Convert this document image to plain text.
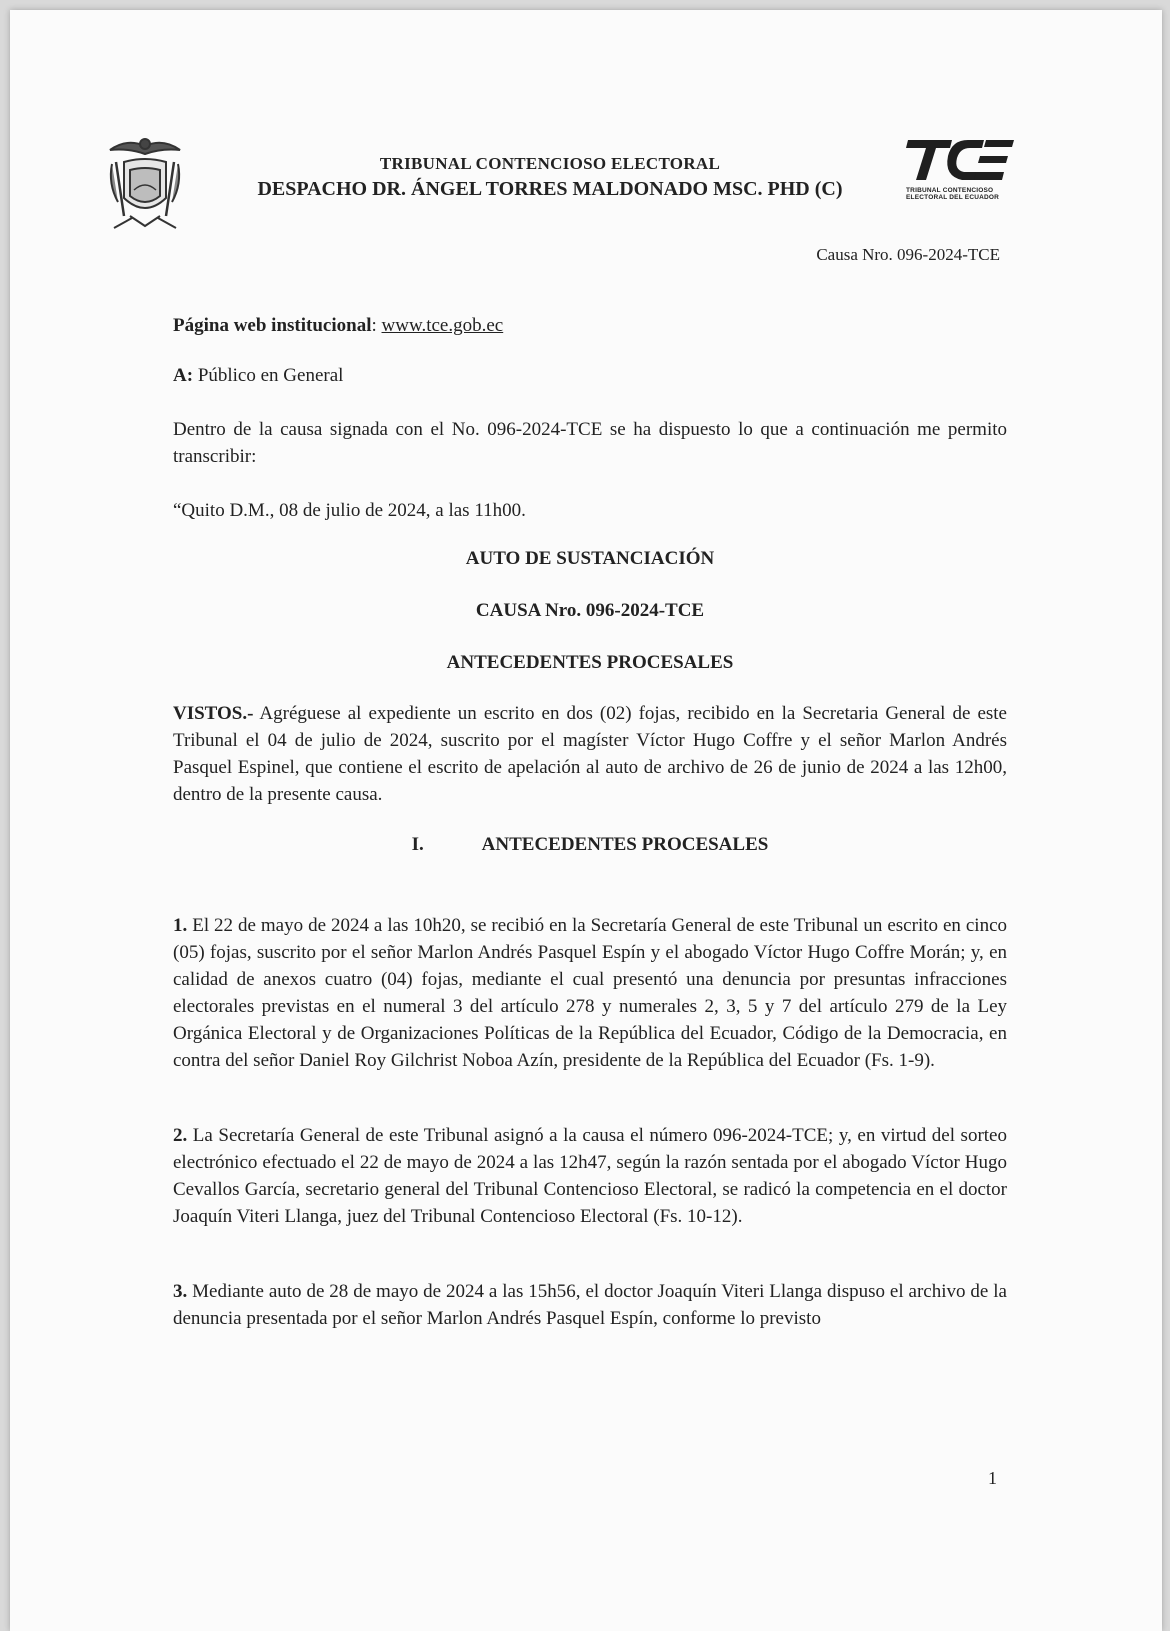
TRIBUNAL CONTENCIOSO ELECTORAL
DESPACHO DR. ÁNGEL TORRES MALDONADO MSC. PHD (C)
TCE
TRIBUNAL CONTENCIOSO
ELECTORAL DEL ECUADOR
Causa Nro. 096-2024-TCE

Página web institucional: www.tce.gob.ec

A: Público en General

Dentro de la causa signada con el No. 096-2024-TCE se ha dispuesto lo que a continuación me permito transcribir:

“Quito D.M., 08 de julio de 2024, a las 11h00.

AUTO DE SUSTANCIACIÓN
CAUSA Nro. 096-2024-TCE
ANTECEDENTES PROCESALES

VISTOS.- Agréguese al expediente un escrito en dos (02) fojas, recibido en la Secretaria General de este Tribunal el 04 de julio de 2024, suscrito por el magíster Víctor Hugo Coffre y el señor Marlon Andrés Pasquel Espinel, que contiene el escrito de apelación al auto de archivo de 26 de junio de 2024 a las 12h00, dentro de la presente causa.

I.	ANTECEDENTES PROCESALES

1. El 22 de mayo de 2024 a las 10h20, se recibió en la Secretaría General de este Tribunal un escrito en cinco (05) fojas, suscrito por el señor Marlon Andrés Pasquel Espín y el abogado Víctor Hugo Coffre Morán; y, en calidad de anexos cuatro (04) fojas, mediante el cual presentó una denuncia por presuntas infracciones electorales previstas en el numeral 3 del artículo 278 y numerales 2, 3, 5 y 7 del artículo 279 de la Ley Orgánica Electoral y de Organizaciones Políticas de la República del Ecuador, Código de la Democracia, en contra del señor Daniel Roy Gilchrist Noboa Azín, presidente de la República del Ecuador (Fs. 1-9).

2. La Secretaría General de este Tribunal asignó a la causa el número 096-2024-TCE; y, en virtud del sorteo electrónico efectuado el 22 de mayo de 2024 a las 12h47, según la razón sentada por el abogado Víctor Hugo Cevallos García, secretario general del Tribunal Contencioso Electoral, se radicó la competencia en el doctor Joaquín Viteri Llanga, juez del Tribunal Contencioso Electoral (Fs. 10-12).

3. Mediante auto de 28 de mayo de 2024 a las 15h56, el doctor Joaquín Viteri Llanga dispuso el archivo de la denuncia presentada por el señor Marlon Andrés Pasquel Espín, conforme lo previsto

1
